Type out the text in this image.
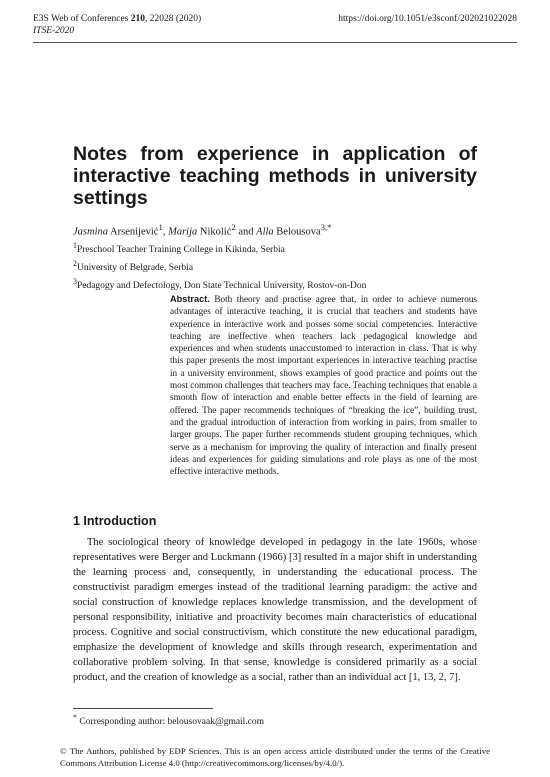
E3S Web of Conferences 210, 22028 (2020)	https://doi.org/10.1051/e3sconf/202021022028
ITSE-2020
Notes from experience in application of interactive teaching methods in university settings
Jasmina Arsenijević$^1$, Marija Nikolić$^2$ and Alla Belousova$^{3,*}$
$^1$Preschool Teacher Training College in Kikinda, Serbia
$^2$University of Belgrade, Serbia
$^3$Pedagogy and Defectology, Don State Technical University, Rostov-on-Don

Abstract. Both theory and practise agree that, in order to achieve numerous advantages of interactive teaching, it is crucial that teachers and students have experience in interactive work and posses some social competencies. Interactive teaching are ineffective when teachers lack pedagogical knowledge and experiences and when students unaccustomed to interaction in class. That is why this paper presents the most important experiences in interactive teaching practise in a university environment, shows examples of good practice and points out the most common challenges that teachers may face. Teaching techniques that enable a smooth flow of interaction and enable better effects in the field of learning are offered. The paper recommends techniques of “breaking the ice”, building trust, and the gradual introduction of interaction from working in pairs, from smaller to larger groups. The paper further recommends student grouping techniques, which serve as a mechanism for improving the quality of interaction and finally present ideas and experiences for guiding simulations and role plays as one of the most effective interactive methods.

1 Introduction

The sociological theory of knowledge developed in pedagogy in the late 1960s, whose representatives were Berger and Luckmann (1966) [3] resulted in a major shift in understanding the learning process and, consequently, in understanding the educational process. The constructivist paradigm emerges instead of the traditional learning paradigm: the active and social construction of knowledge replaces knowledge transmission, and the development of personal responsibility, initiative and proactivity becomes main characteristics of educational process. Cognitive and social constructivism, which constitute the new educational paradigm, emphasize the development of knowledge and skills through research, experimentation and collaborative problem solving. In that sense, knowledge is considered primarily as a social product, and the creation of knowledge as a social, rather than an individual act [1, 13, 2, 7].

* Corresponding author: belousovaak@gmail.com

© The Authors, published by EDP Sciences. This is an open access article distributed under the terms of the Creative Commons Attribution License 4.0 (http://creativecommons.org/licenses/by/4.0/).
